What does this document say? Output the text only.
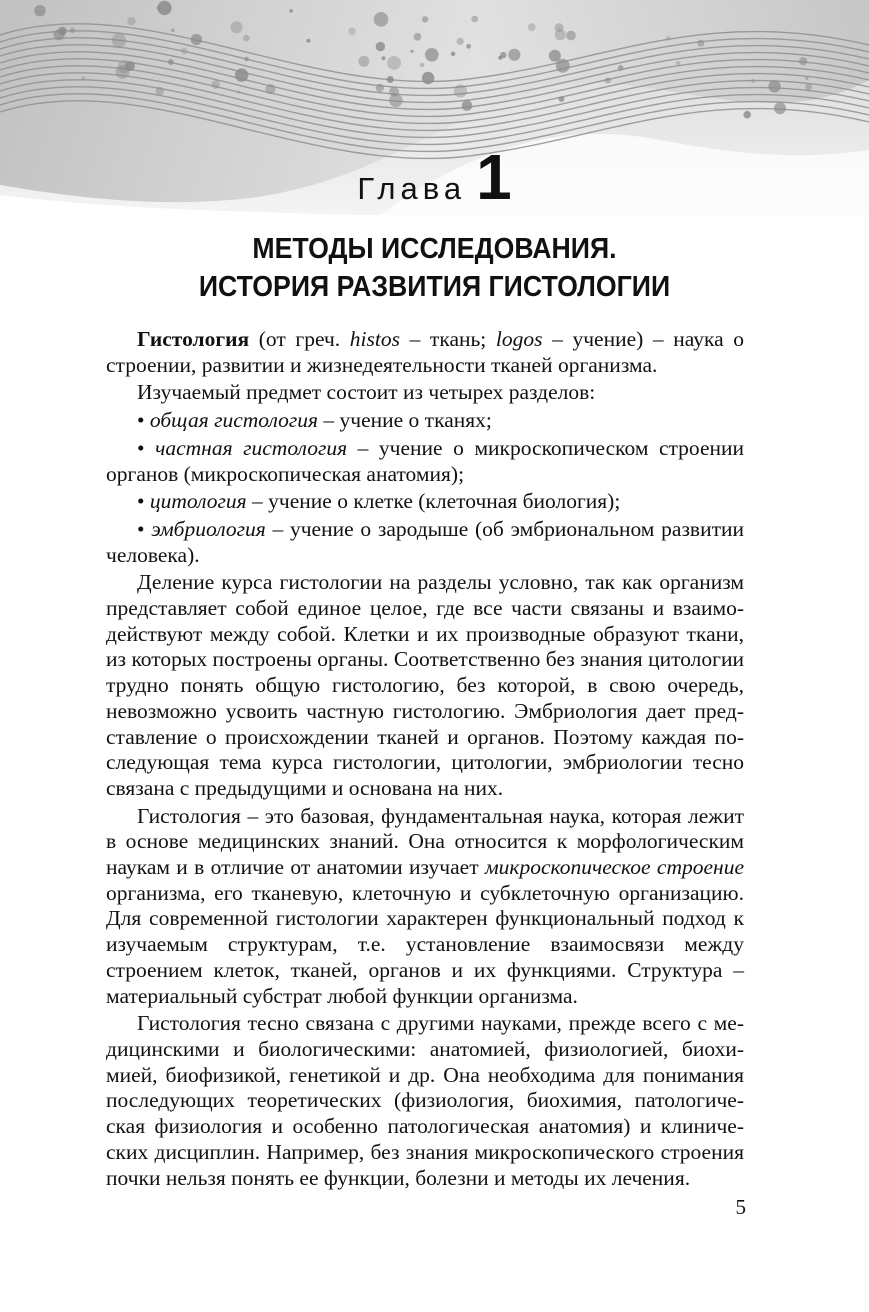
Глава 1
МЕТОДЫ ИССЛЕДОВАНИЯ.
ИСТОРИЯ РАЗВИТИЯ ГИСТОЛОГИИ

Гистология (от греч. histos – ткань; logos – учение) – наука о строении, развитии и жизнедеятельности тканей организма.

Изучаемый предмет состоит из четырех разделов:

• общая гистология – учение о тканях;

• частная гистология – учение о микроскопическом строении органов (микроскопическая анатомия);

• цитология – учение о клетке (клеточная биология);

• эмбриология – учение о зародыше (об эмбриональном развитии человека).

Деление курса гистологии на разделы условно, так как организм представляет собой единое целое, где все части связаны и взаимодействуют между собой. Клетки и их производные образуют ткани, из которых построены органы. Соответственно без знания цитологии трудно понять общую гистологию, без которой, в свою очередь, невозможно усвоить частную гистологию. Эмбриология дает представление о происхождении тканей и органов. Поэтому каждая последующая тема курса гистологии, цитологии, эмбриологии тесно связана с предыдущими и основана на них.

Гистология – это базовая, фундаментальная наука, которая лежит в основе медицинских знаний. Она относится к морфологическим наукам и в отличие от анатомии изучает микроскопическое строение организма, его тканевую, клеточную и субклеточную организацию. Для современной гистологии характерен функциональный подход к изучаемым структурам, т.е. установление взаимосвязи между строением клеток, тканей, органов и их функциями. Структура – материальный субстрат любой функции организма.

Гистология тесно связана с другими науками, прежде всего с медицинскими и биологическими: анатомией, физиологией, биохимией, биофизикой, генетикой и др. Она необходима для понимания последующих теоретических (физиология, биохимия, патологическая физиология и особенно патологическая анатомия) и клинических дисциплин. Например, без знания микроскопического строения почки нельзя понять ее функции, болезни и методы их лечения.

5
